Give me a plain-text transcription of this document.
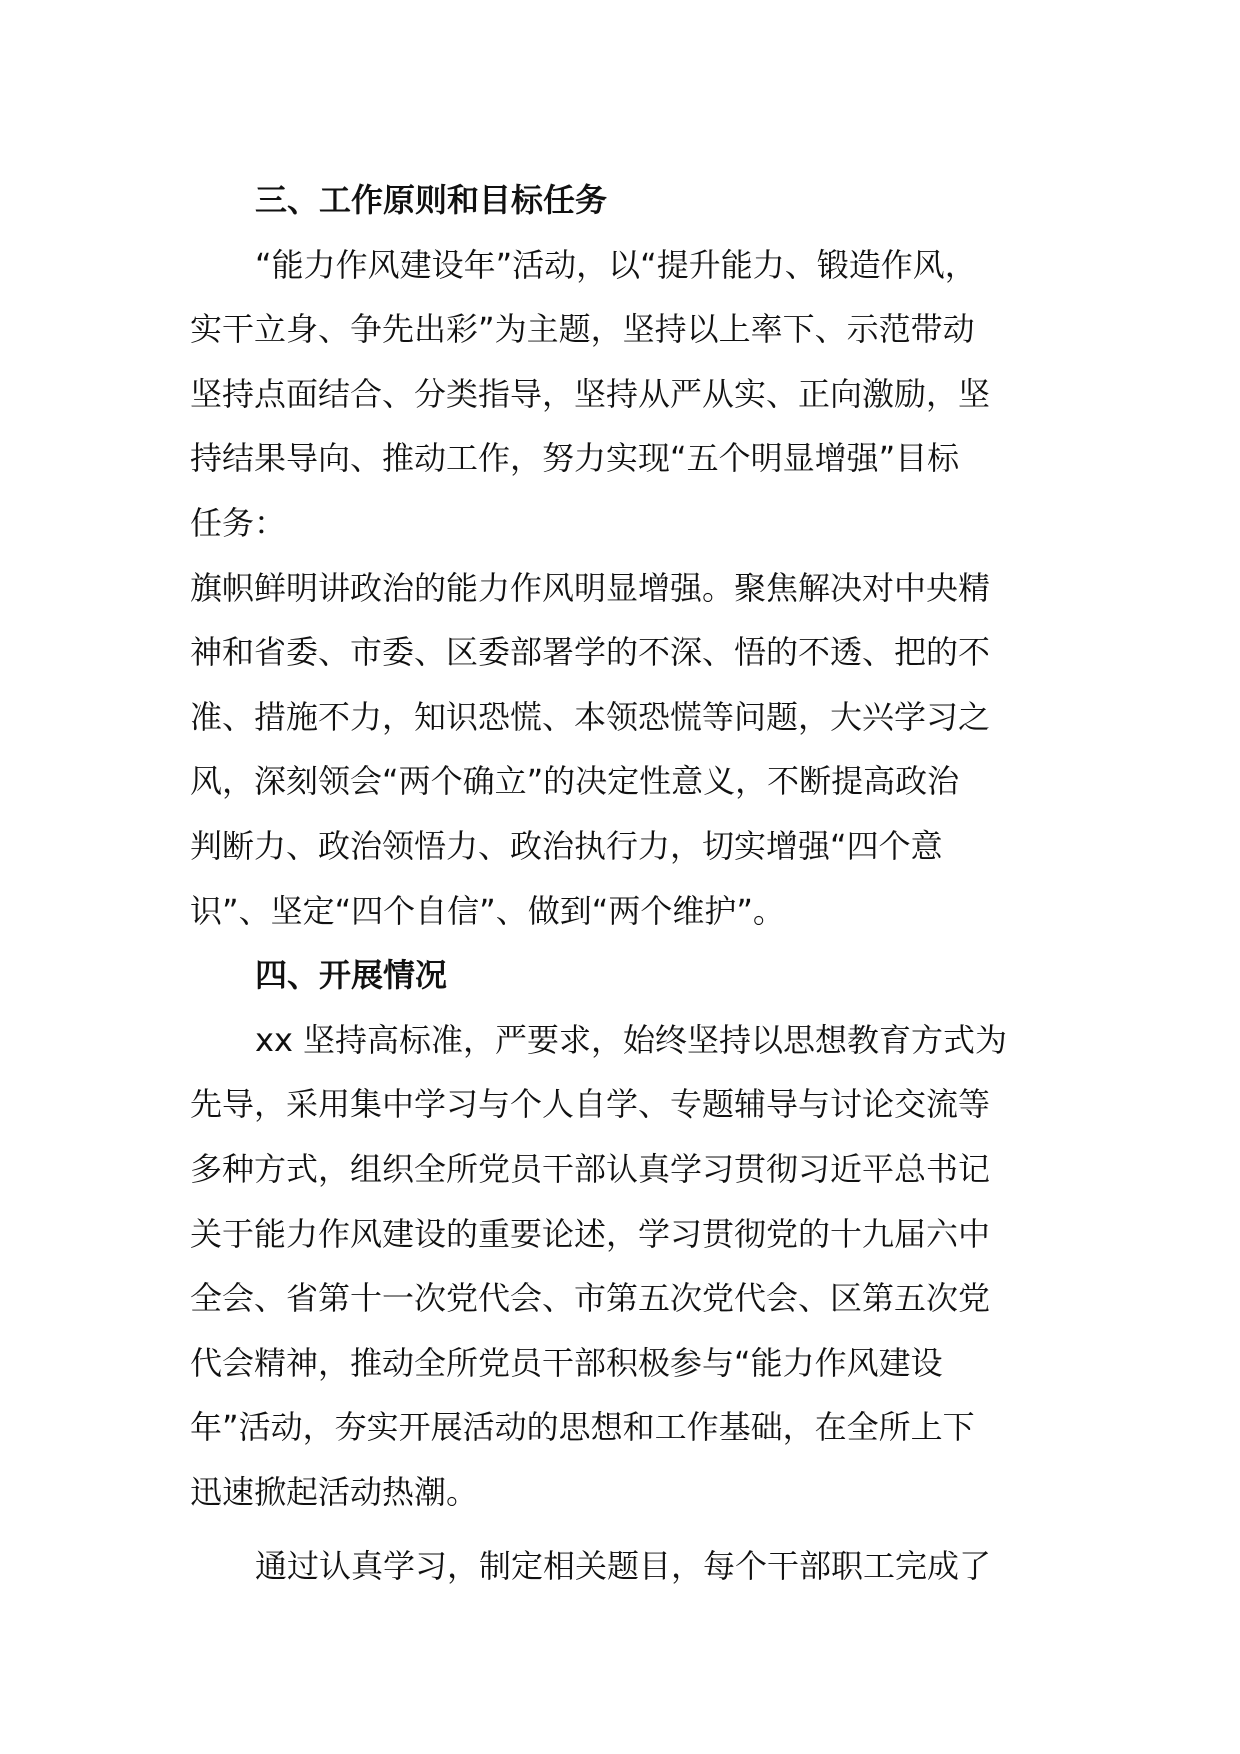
三、工作原则和目标任务
“能力作风建设年”活动，以“提升能力、锻造作风，
实干立身、争先出彩”为主题，坚持以上率下、示范带动
坚持点面结合、分类指导，坚持从严从实、正向激励，坚
持结果导向、推动工作，努力实现“五个明显增强”目标
任务：
旗帜鲜明讲政治的能力作风明显增强。聚焦解决对中央精
神和省委、市委、区委部署学的不深、悟的不透、把的不
准、措施不力，知识恐慌、本领恐慌等问题，大兴学习之
风，深刻领会“两个确立”的决定性意义，不断提高政治
判断力、政治领悟力、政治执行力，切实增强“四个意
识”、坚定“四个自信”、做到“两个维护”。
四、开展情况
xx 坚持高标准，严要求，始终坚持以思想教育方式为
先导，采用集中学习与个人自学、专题辅导与讨论交流等
多种方式，组织全所党员干部认真学习贯彻习近平总书记
关于能力作风建设的重要论述，学习贯彻党的十九届六中
全会、省第十一次党代会、市第五次党代会、区第五次党
代会精神，推动全所党员干部积极参与“能力作风建设
年”活动，夯实开展活动的思想和工作基础，在全所上下
迅速掀起活动热潮。
通过认真学习，制定相关题目，每个干部职工完成了
